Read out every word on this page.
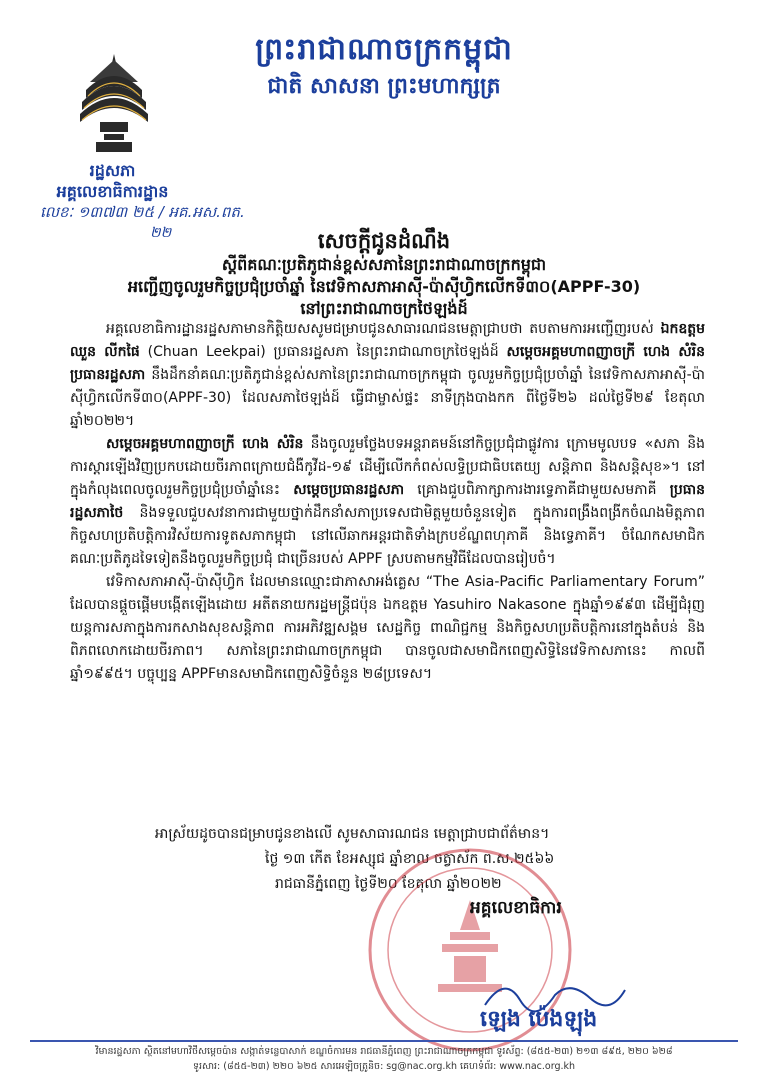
ព្រះរាជាណាចក្រកម្ពុជា
ជាតិ សាសនា ព្រះមហាក្សត្រ
រដ្ឋសភា
អគ្គលេខាធិការដ្ឋាន
លេខៈ ១៣៧៣ ២៥ / អគ.អស.ពត.
២២	សេចក្តីជូនដំណឹង
ស្តីពីគណៈប្រតិភូជាន់ខ្ពស់សភានៃព្រះរាជាណាចក្រកម្ពុជា
អញ្ជើញចូលរួមកិច្ចប្រជុំប្រចាំឆ្នាំ នៃវេទិកាសភាអាស៊ី-ប៉ាស៊ីហ្វិកលើកទី៣០(APPF-30)
នៅព្រះរាជាណាចក្រថៃឡង់ដ៍

អគ្គលេខាធិការដ្ឋានរដ្ឋសភាមានកិត្តិយសសូមជម្រាបជូនសាធារណជនមេត្តាជ្រាបថា តបតាមការអញ្ជើញរបស់ ឯកឧត្តម ឈួន លីកផៃ (Chuan Leekpai) ប្រធានរដ្ឋសភា នៃព្រះរាជាណាចក្រថៃឡង់ដ៍ សម្តេចអគ្គមហាពញាចក្រី ហេង សំរិន ប្រធានរដ្ឋសភា នឹងដឹកនាំគណៈប្រតិភូជាន់ខ្ពស់សភានៃព្រះរាជាណាចក្រកម្ពុជា ចូលរួមកិច្ចប្រជុំប្រចាំឆ្នាំ នៃវេទិកាសភាអាស៊ី-ប៉ាស៊ីហ្វិកលើកទី៣០(APPF-30) ដែលសភាថៃឡង់ដ៍ ធ្វើជាម្ចាស់ផ្ទះ នាទីក្រុងបាងកក ពីថ្ងៃទី២៦ ដល់ថ្ងៃទី២៩ ខែតុលា ឆ្នាំ២០២២។

សម្តេចអគ្គមហាពញាចក្រី ហេង សំរិន នឹងចូលរួមថ្លែងបទអន្តរាគមន៍នៅកិច្ចប្រជុំជាផ្លូវការ ក្រោមមូលបទ «សភា និងការស្តារឡើងវិញប្រកបដោយចីរភាពក្រោយជំងឺកូវីដ-១៩ ដើម្បីលើកកំពស់លទ្ធិប្រជាធិបតេយ្យ សន្តិភាព និងសន្តិសុខ»។ នៅក្នុងកំលុងពេលចូលរួមកិច្ចប្រជុំប្រចាំឆ្នាំនេះ សម្តេចប្រធានរដ្ឋសភា គ្រោងជួបពិភាក្សាការងារទ្វេភាគីជាមួយសមភាគី ប្រធានរដ្ឋសភាថៃ និងទទួលជួបសវនាការជាមួយថ្នាក់ដឹកនាំសភាប្រទេសជាមិត្តមួយចំនួនទៀត ក្នុងការពង្រឹងពង្រីកចំណងមិត្តភាព កិច្ចសហប្រតិបត្តិការវិស័យការទូតសភាកម្ពុជា នៅលើឆាកអន្តរជាតិទាំងក្របខ័ណ្ឌពហុភាគី និងទ្វេភាគី។ ចំណែកសមាជិកគណៈប្រតិភូដទៃទៀតនឹងចូលរួមកិច្ចប្រជុំ ជាច្រើនរបស់ APPF ស្របតាមកម្មវិធីដែលបានរៀបចំ។

វេទិកាសភាអាស៊ី-ប៉ាស៊ីហ្វិក ដែលមានឈ្មោះជាភាសាអង់គ្លេស “The Asia-Pacific Parliamentary Forum” ដែលបានផ្តួចផ្តើមបង្កើតឡើងដោយ អតីតនាយករដ្ឋមន្ត្រីជប៉ុន ឯកឧត្តម Yasuhiro Nakasone ក្នុងឆ្នាំ១៩៩៣ ដើម្បីជំរុញយន្តការសភាក្នុងការកសាងសុខសន្តិភាព ការអភិវឌ្ឍសង្គម សេដ្ឋកិច្ច ពាណិជ្ជកម្ម និងកិច្ចសហប្រតិបត្តិការនៅក្នុងតំបន់ និងពិភពលោកដោយចីរភាព។ សភានៃព្រះរាជាណាចក្រកម្ពុជា បានចូលជាសមាជិកពេញសិទ្ធិនៃវេទិកាសភានេះ កាលពីឆ្នាំ១៩៩៥។ បច្ចុប្បន្ន APPFមានសមាជិកពេញសិទ្ធិចំនួន ២៨ប្រទេស។

អាស្រ័យដូចបានជម្រាបជូនខាងលើ សូមសាធារណជន មេត្តាជ្រាបជាព័ត៌មាន។
ថ្ងៃ ១៣ កើត ខែអស្សុជ ឆ្នាំខាល ចត្វាស័ក ព.ស.២៥៦៦
រាជធានីភ្នំពេញ ថ្ងៃទី២០ ខែតុលា ឆ្នាំ២០២២
អគ្គលេខាធិការ
ឡេង ប៉េងឡុង
វិមានរដ្ឋសភា ​ស្ថិតនៅមហាវិថីសម្តេចប៉ាន ​សង្កាត់ទន្លេបាសាក់ ខណ្ឌចំការមន រាជធានីភ្នំពេញ ព្រះរាជាណាចក្រកម្ពុជា ទូរស័ព្ទ: (៨៥៥-២៣) ២១៣ ៨៩៥, ២២០ ៦២៨
ទូរសារ: (៨៥៥-២៣) ២២០ ៦២៥ សារអេឡិចត្រូនិច: sg@nac.org.kh គេហទំព័រ: www.nac.org.kh
